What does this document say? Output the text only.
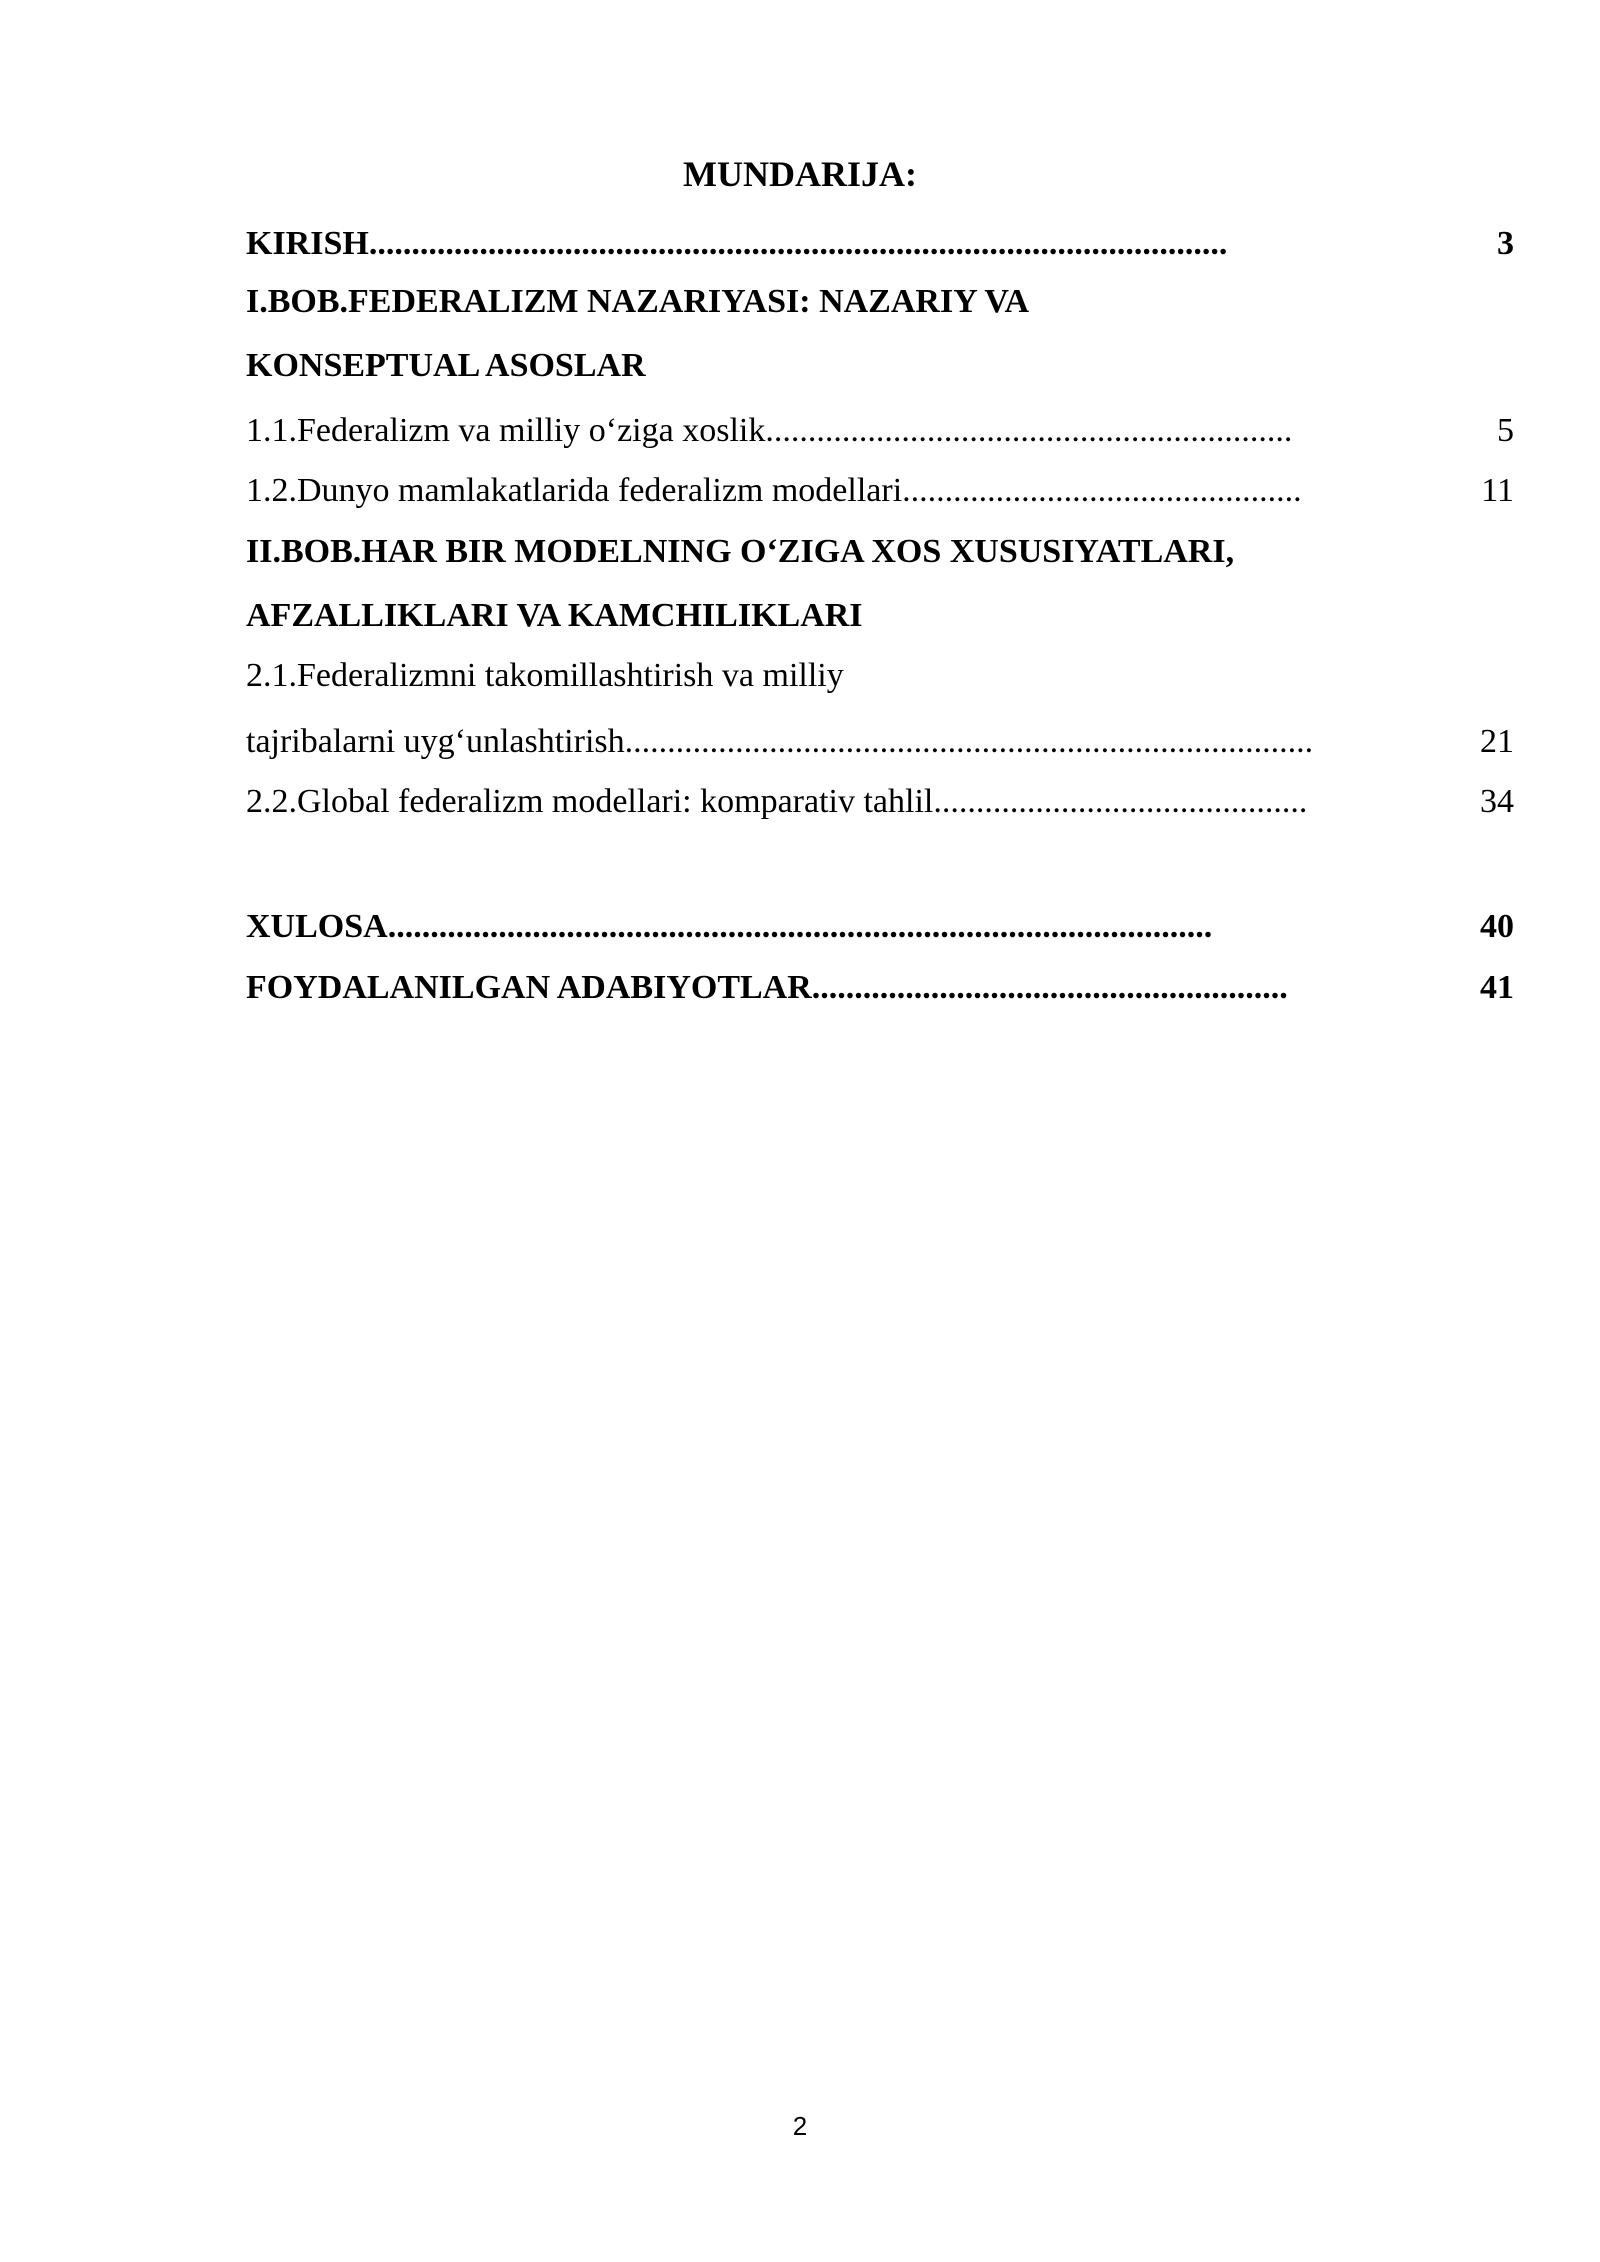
MUNDARIJA:
KIRISH.....................................................................................................	3
I.BOB.FEDERALIZM NAZARIYASI: NAZARIY VA
KONSEPTUAL ASOSLAR
1.1.Federalizm va milliy o‘ziga xoslik..............................................................	5
1.2.Dunyo mamlakatlarida federalizm modellari...............................................	11
II.BOB.HAR BIR MODELNING O‘ZIGA XOS XUSUSIYATLARI,
AFZALLIKLARI VA KAMCHILIKLARI
2.1.Federalizmni takomillashtirish va milliy
tajribalarni uyg‘unlashtirish.................................................................................	21
2.2.Global federalizm modellari: komparativ tahlil............................................	34
XULOSA.................................................................................................	40
FOYDALANILGAN ADABIYOTLAR........................................................	41
2
